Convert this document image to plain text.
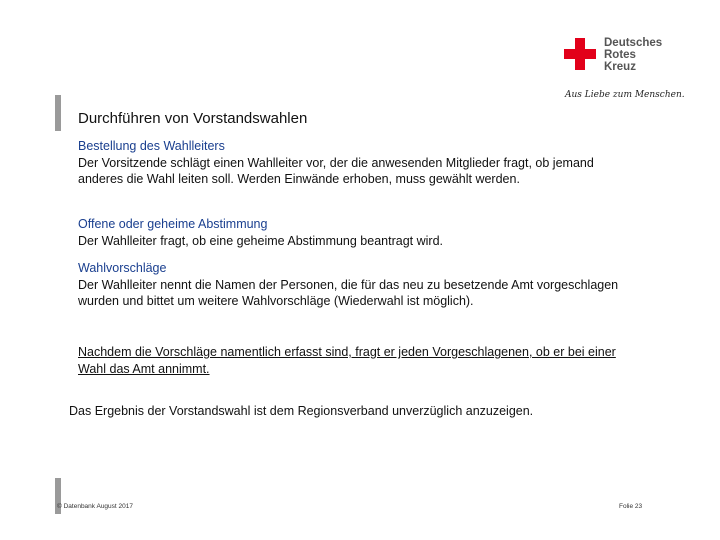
Deutsches
Rotes
Kreuz
Aus Liebe zum Menschen.
Durchführen von Vorstandswahlen
Bestellung des Wahlleiters
Der Vorsitzende schlägt einen Wahlleiter vor, der die anwesenden Mitglieder fragt, ob jemand anderes die Wahl leiten soll. Werden Einwände erhoben, muss gewählt werden.
Offene oder geheime Abstimmung
Der Wahlleiter fragt, ob eine geheime Abstimmung beantragt wird.
Wahlvorschläge
Der Wahlleiter nennt die Namen der Personen, die für das neu zu besetzende Amt vorgeschlagen wurden und bittet um weitere Wahlvorschläge (Wiederwahl ist möglich).
Nachdem die Vorschläge namentlich erfasst sind, fragt er jeden Vorgeschlagenen, ob er bei einer Wahl das Amt annimmt.
Das Ergebnis der Vorstandswahl ist dem Regionsverband unverzüglich anzuzeigen.
© Datenbank August 2017	Folie 23
